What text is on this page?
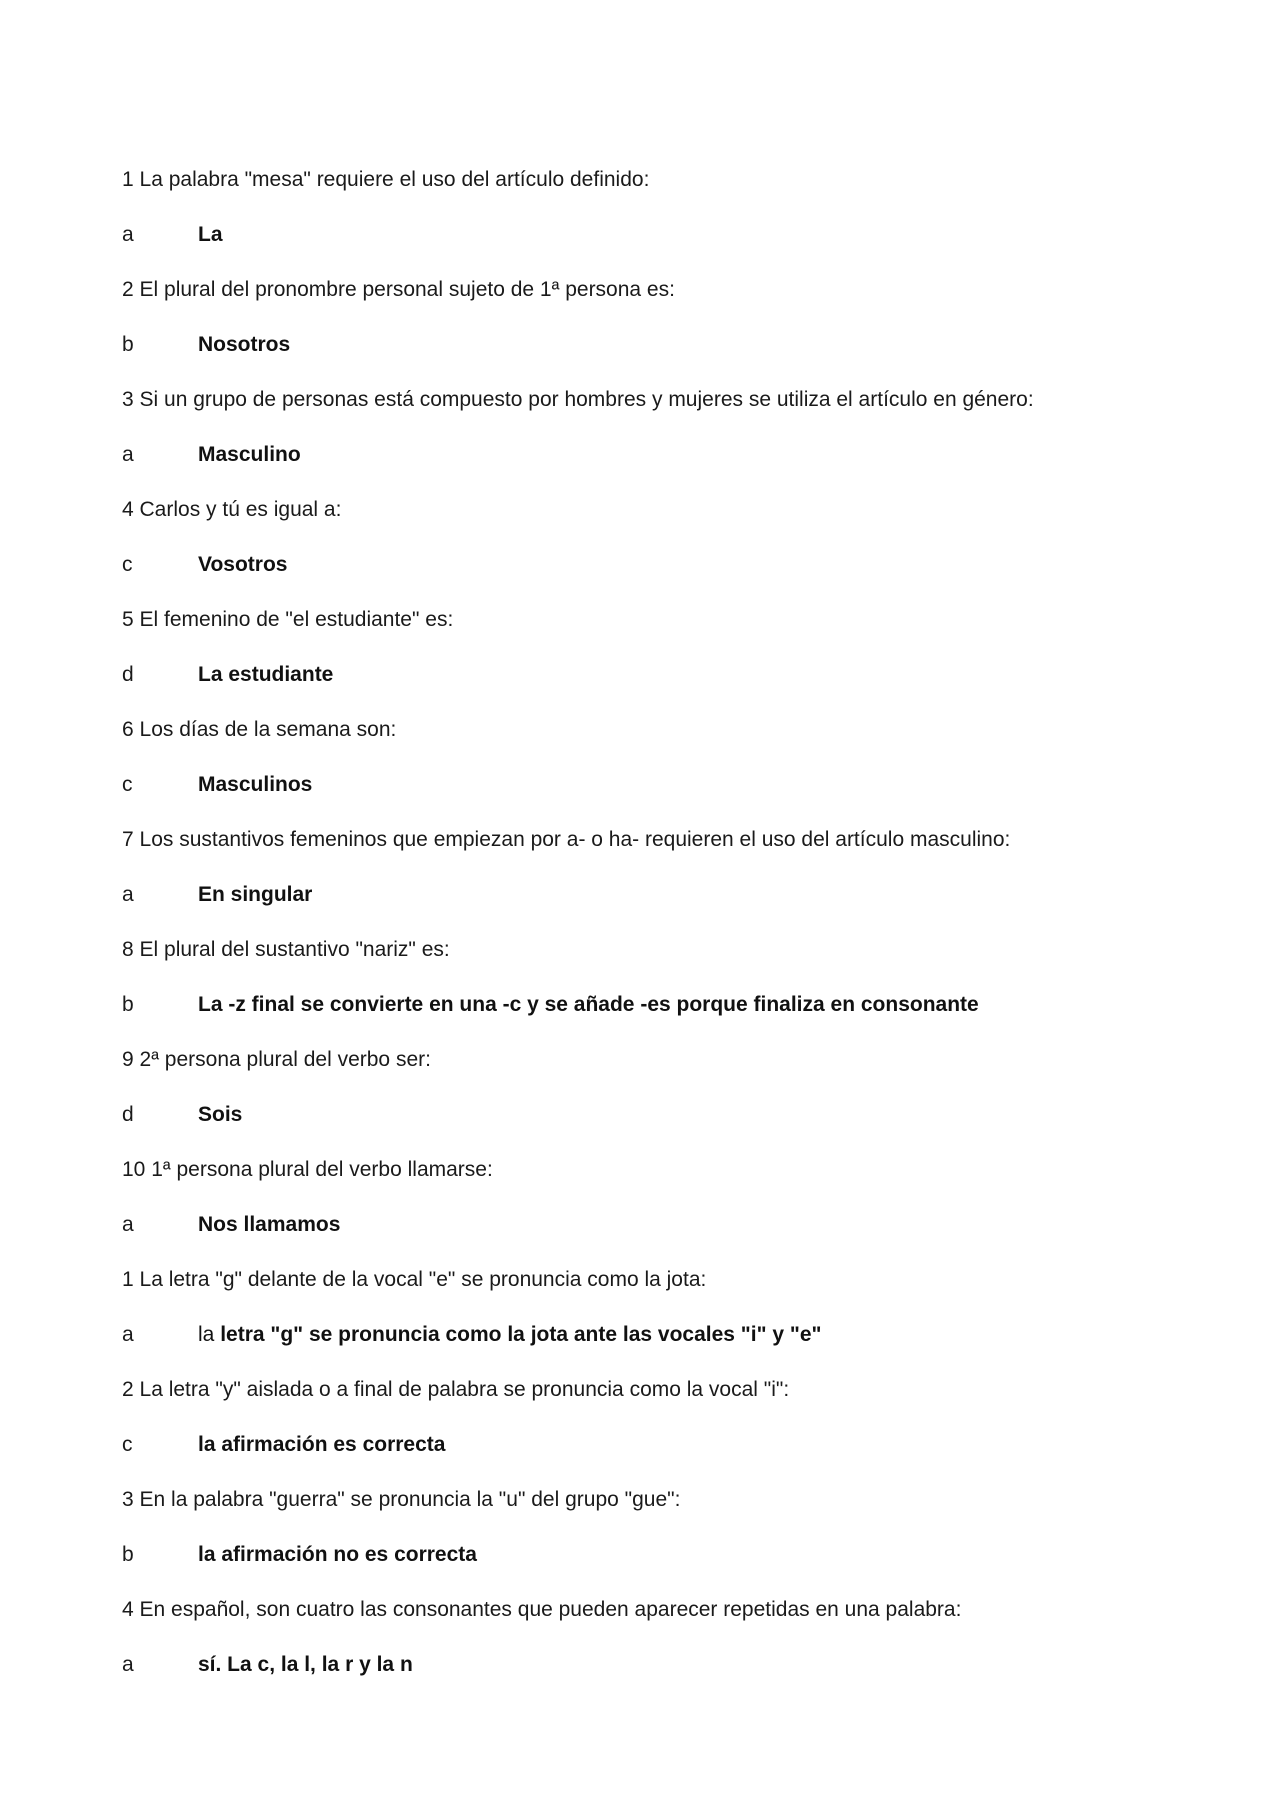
1 La palabra "mesa" requiere el uso del artículo definido:
a	La
2 El plural del pronombre personal sujeto de 1ª persona es:
b	Nosotros
3 Si un grupo de personas está compuesto por hombres y mujeres se utiliza el artículo en género:
a	Masculino
4 Carlos y tú es igual a:
c	Vosotros
5 El femenino de "el estudiante" es:
d	La estudiante
6 Los días de la semana son:
c	Masculinos
7 Los sustantivos femeninos que empiezan por a- o ha- requieren el uso del artículo masculino:
a	En singular
8 El plural del sustantivo "nariz" es:
b	La -z final se convierte en una -c y se añade -es porque finaliza en consonante
9 2ª persona plural del verbo ser:
d	Sois
10 1ª persona plural del verbo llamarse:
a	Nos llamamos
1 La letra "g" delante de la vocal "e" se pronuncia como la jota:
a	la letra "g" se pronuncia como la jota ante las vocales "i" y "e"
2 La letra "y" aislada o a final de palabra se pronuncia como la vocal "i":
c	la afirmación es correcta
3 En la palabra "guerra" se pronuncia la "u" del grupo "gue":
b	la afirmación no es correcta
4 En español, son cuatro las consonantes que pueden aparecer repetidas en una palabra:
a	sí. La c, la l, la r y la n
